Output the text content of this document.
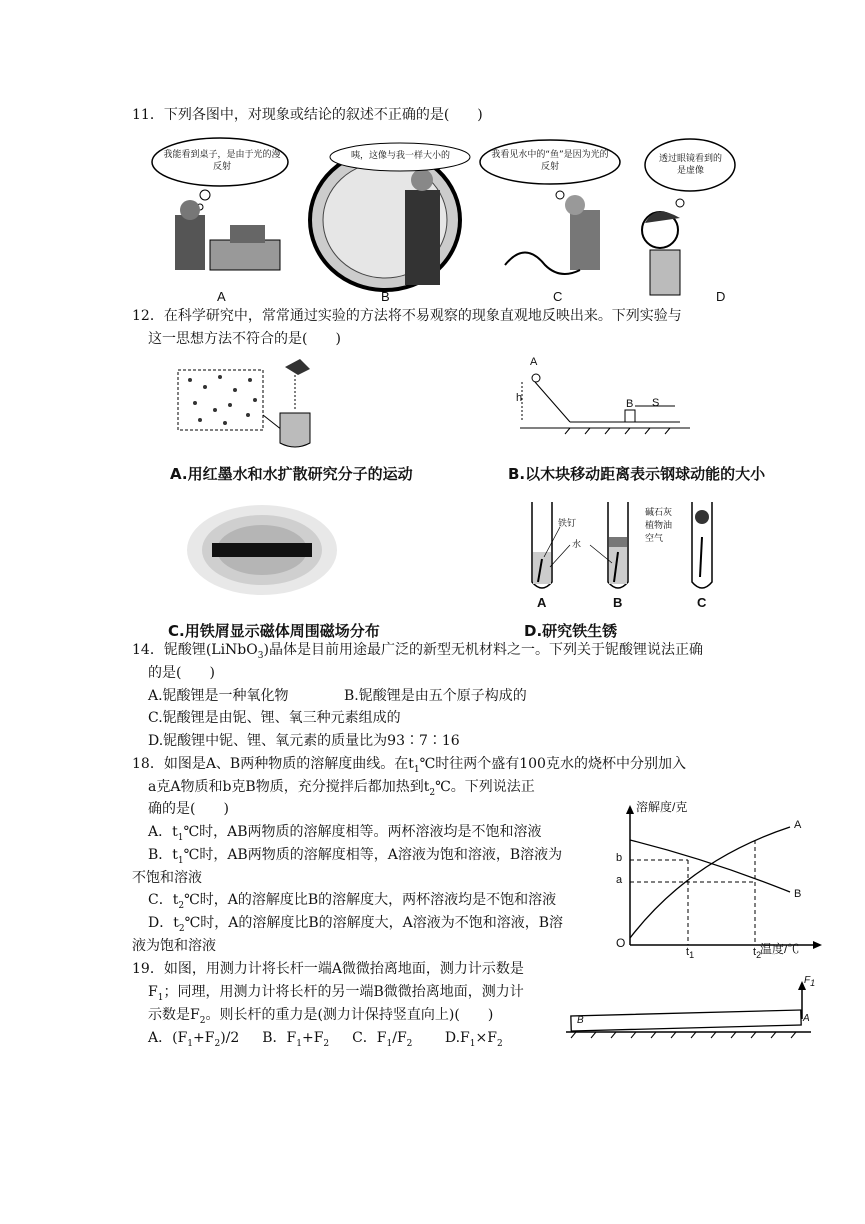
11．下列各图中，对现象或结论的叙述不正确的是(　　)
我能看到桌子，是由于光的漫反射
咦，这像与我一样大小的	我看见水中的“鱼”是因为光的反射
透过眼镜看到的是虚像
A	B	C	D
12．在科学研究中，常常通过实验的方法将不易观察的现象直观地反映出来。下列实验与
这一思想方法不符合的是(　　)
A
h	B S
A.用红墨水和水扩散研究分子的运动	B.以木块移动距离表示钢球动能的大小
铁钉
水
碱石灰
植物油
空气
A	B	C
C.用铁屑显示磁体周围磁场分布	D.研究铁生锈
14．铌酸锂(LiNbO$_3$)晶体是目前用途最广泛的新型无机材料之一。下列关于铌酸锂说法正确
的是(　　)
A.铌酸锂是一种氧化物	B.铌酸锂是由五个原子构成的
C.铌酸锂是由铌、锂、氧三种元素组成的
D.铌酸锂中铌、锂、氧元素的质量比为93∶7∶16
18．如图是A、B两种物质的溶解度曲线。在$t_1℃$时往两个盛有100克水的烧杯中分别加入
a克A物质和b克B物质，充分搅拌后都加热到$t_2℃$。下列说法正
确的是(　　)
A．$t_1℃$时，AB两物质的溶解度相等。两杯溶液均是不饱和溶液
B．$t_1℃$时，AB两物质的溶解度相等，A溶液为饱和溶液，B溶液为
不饱和溶液
C．$t_2℃$时，A的溶解度比B的溶解度大，两杯溶液均是不饱和溶液
D．$t_2℃$时，A的溶解度比B的溶解度大，A溶液为不饱和溶液，B溶
液为饱和溶液
溶解度/克
温度/℃
O
b
a
$t_1$	$t_2$
A
B
19．如图，用测力计将长杆一端A微微抬离地面，测力计示数是
$F_1$；同理，用测力计将长杆的另一端B微微抬离地面，测力计
示数是$F_2$。则长杆的重力是(测力计保持竖直向上)(　　)
A．$(F_1+F_2)/2$　 B．$F_1+F_2$　 C．$F_1/F_2$　　 $D.F_1\times F_2$
$F_1$
A
B
